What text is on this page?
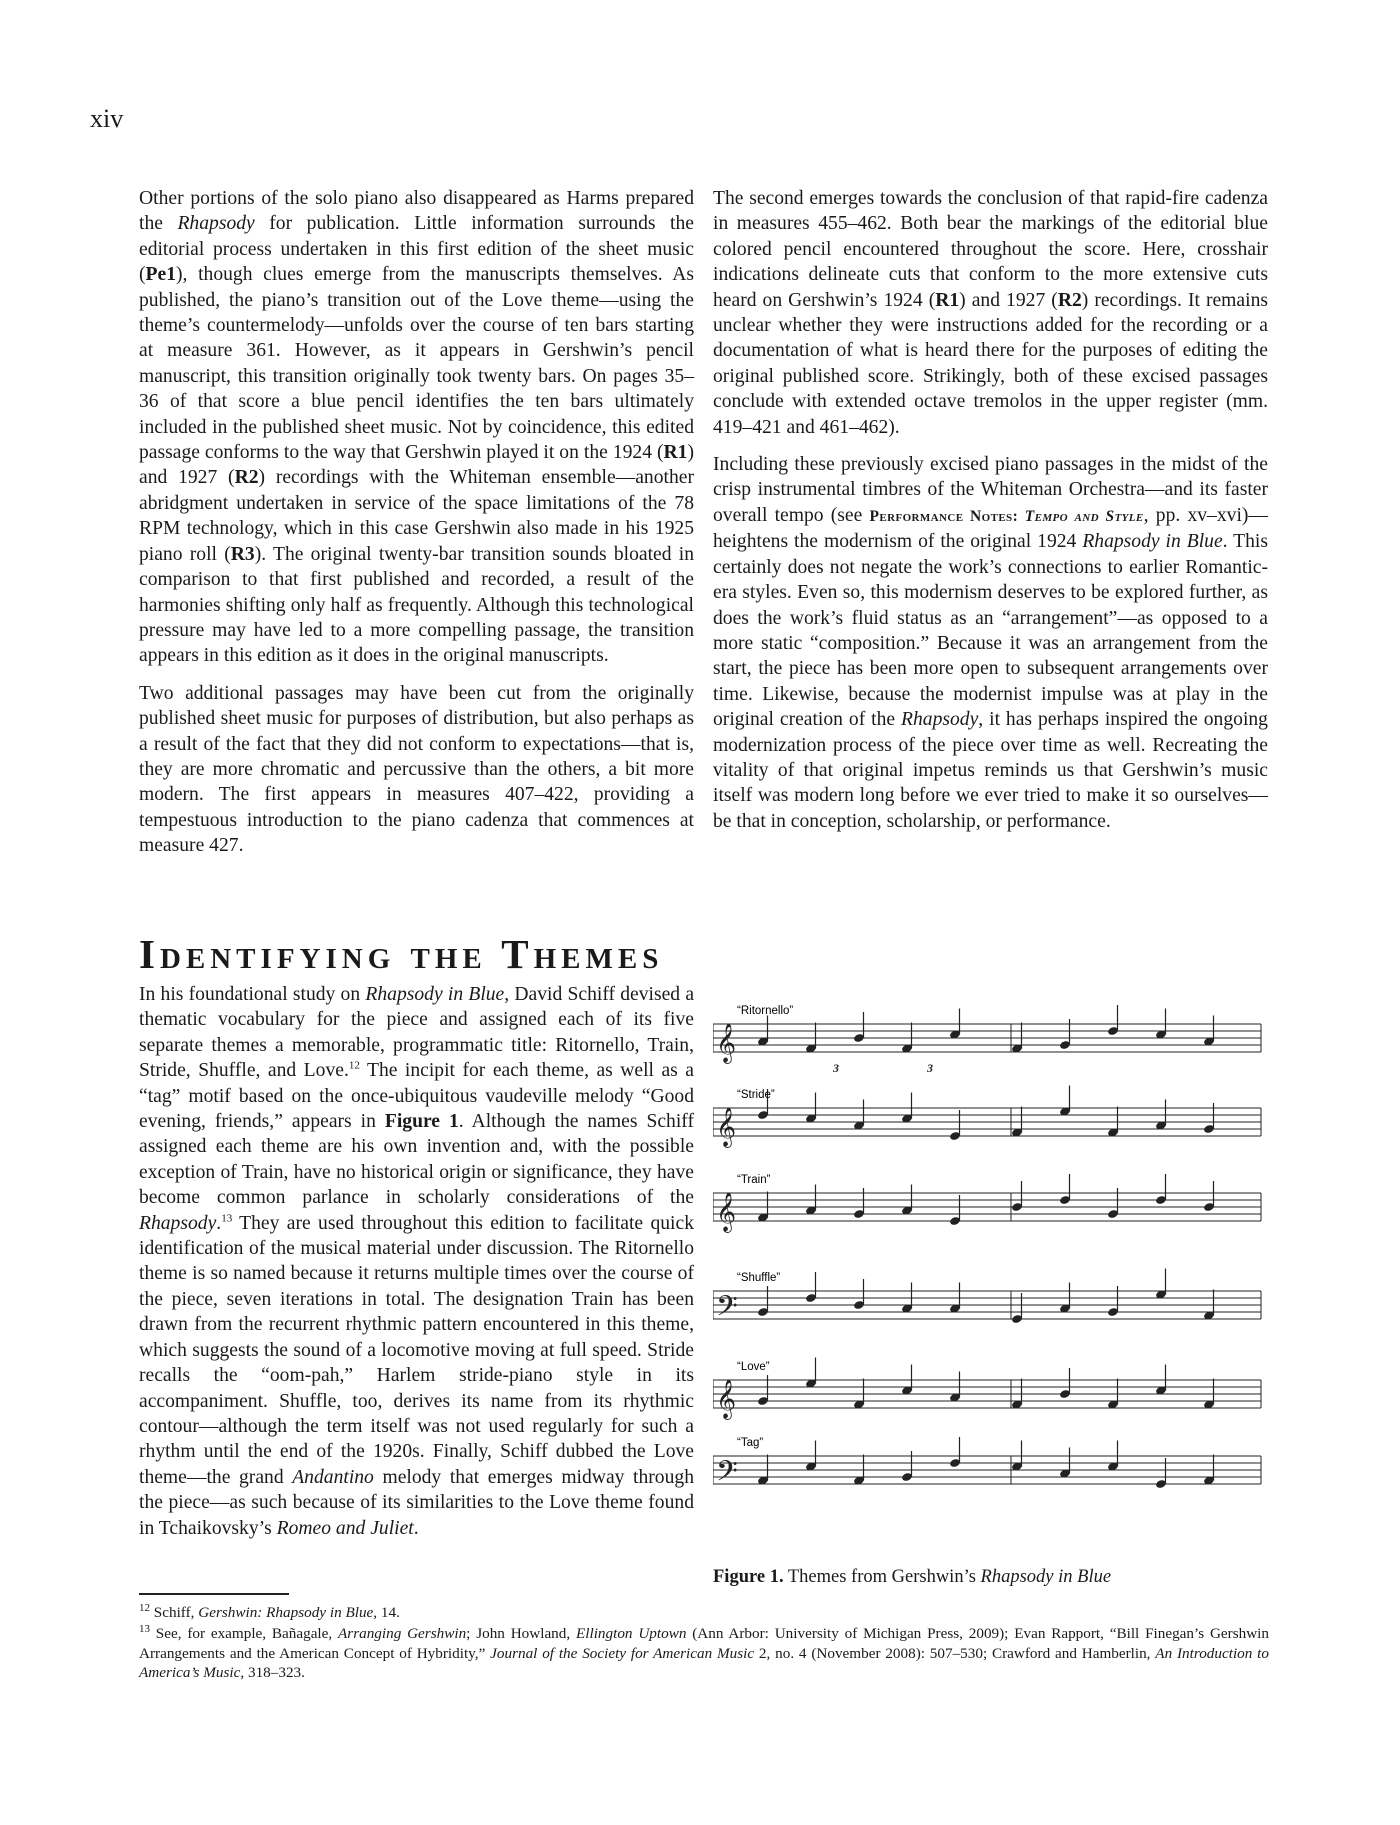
xiv

Other portions of the solo piano also disappeared as Harms prepared the Rhapsody for publication. Little information surrounds the editorial process undertaken in this first edition of the sheet music (Pe1), though clues emerge from the manuscripts themselves. As published, the piano’s transition out of the Love theme—using the theme’s countermelody—unfolds over the course of ten bars starting at measure 361. However, as it appears in Gershwin’s pencil manuscript, this transition originally took twenty bars. On pages 35–36 of that score a blue pencil identifies the ten bars ultimately included in the published sheet music. Not by coincidence, this edited passage conforms to the way that Gershwin played it on the 1924 (R1) and 1927 (R2) recordings with the Whiteman ensemble—another abridgment undertaken in service of the space limitations of the 78 RPM technology, which in this case Gershwin also made in his 1925 piano roll (R3). The original twenty-bar transition sounds bloated in comparison to that first published and recorded, a result of the harmonies shifting only half as frequently. Although this technological pressure may have led to a more compelling passage, the transition appears in this edition as it does in the original manuscripts.

Two additional passages may have been cut from the originally published sheet music for purposes of distribution, but also perhaps as a result of the fact that they did not conform to expectations—that is, they are more chromatic and percussive than the others, a bit more modern. The first appears in measures 407–422, providing a tempestuous introduction to the piano cadenza that commences at measure 427.

The second emerges towards the conclusion of that rapid-fire cadenza in measures 455–462. Both bear the markings of the editorial blue colored pencil encountered throughout the score. Here, crosshair indications delineate cuts that conform to the more extensive cuts heard on Gershwin’s 1924 (R1) and 1927 (R2) recordings. It remains unclear whether they were instructions added for the recording or a documentation of what is heard there for the purposes of editing the original published score. Strikingly, both of these excised passages conclude with extended octave tremolos in the upper register (mm. 419–421 and 461–462).

Including these previously excised piano passages in the midst of the crisp instrumental timbres of the Whiteman Orchestra—and its faster overall tempo (see Performance Notes: Tempo and Style, pp. xv–xvi)—heightens the modernism of the original 1924 Rhapsody in Blue. This certainly does not negate the work’s connections to earlier Romantic-era styles. Even so, this modernism deserves to be explored further, as does the work’s fluid status as an “arrangement”—as opposed to a more static “composition.” Because it was an arrangement from the start, the piece has been more open to subsequent arrangements over time. Likewise, because the modernist impulse was at play in the original creation of the Rhapsody, it has perhaps inspired the ongoing modernization process of the piece over time as well. Recreating the vitality of that original impetus reminds us that Gershwin’s music itself was modern long before we ever tried to make it so ourselves—be that in conception, scholarship, or performance.

Identifying the Themes

In his foundational study on Rhapsody in Blue, David Schiff devised a thematic vocabulary for the piece and assigned each of its five separate themes a memorable, programmatic title: Ritornello, Train, Stride, Shuffle, and Love.$^{12}$ The incipit for each theme, as well as a “tag” motif based on the once-ubiquitous vaudeville melody “Good evening, friends,” appears in Figure 1. Although the names Schiff assigned each theme are his own invention and, with the possible exception of Train, have no historical origin or significance, they have become common parlance in scholarly considerations of the Rhapsody.$^{13}$ They are used throughout this edition to facilitate quick identification of the musical material under discussion. The Ritornello theme is so named because it returns multiple times over the course of the piece, seven iterations in total. The designation Train has been drawn from the recurrent rhythmic pattern encountered in this theme, which suggests the sound of a locomotive moving at full speed. Stride recalls the “oom-pah,” Harlem stride-piano style in its accompaniment. Shuffle, too, derives its name from its rhythmic contour—although the term itself was not used regularly for such a rhythm until the end of the 1920s. Finally, Schiff dubbed the Love theme—the grand Andantino melody that emerges midway through the piece—as such because of its similarities to the Love theme found in Tchaikovsky’s Romeo and Juliet.

𝄞
3	3
𝄞
𝄞
𝄢
𝄞
𝄢
“Ritornello”
“Stride”
“Train”
“Shuffle”
“Love”
“Tag”
Figure 1. Themes from Gershwin’s Rhapsody in Blue
$^{12}$ Schiff, Gershwin: Rhapsody in Blue, 14.
$^{13}$ See, for example, Bañagale, Arranging Gershwin; John Howland, Ellington Uptown (Ann Arbor: University of Michigan Press, 2009); Evan Rapport, “Bill Finegan’s Gershwin Arrangements and the American Concept of Hybridity,” Journal of the Society for American Music 2, no. 4 (November 2008): 507–530; Crawford and Hamberlin, An Introduction to America’s Music, 318–323.
